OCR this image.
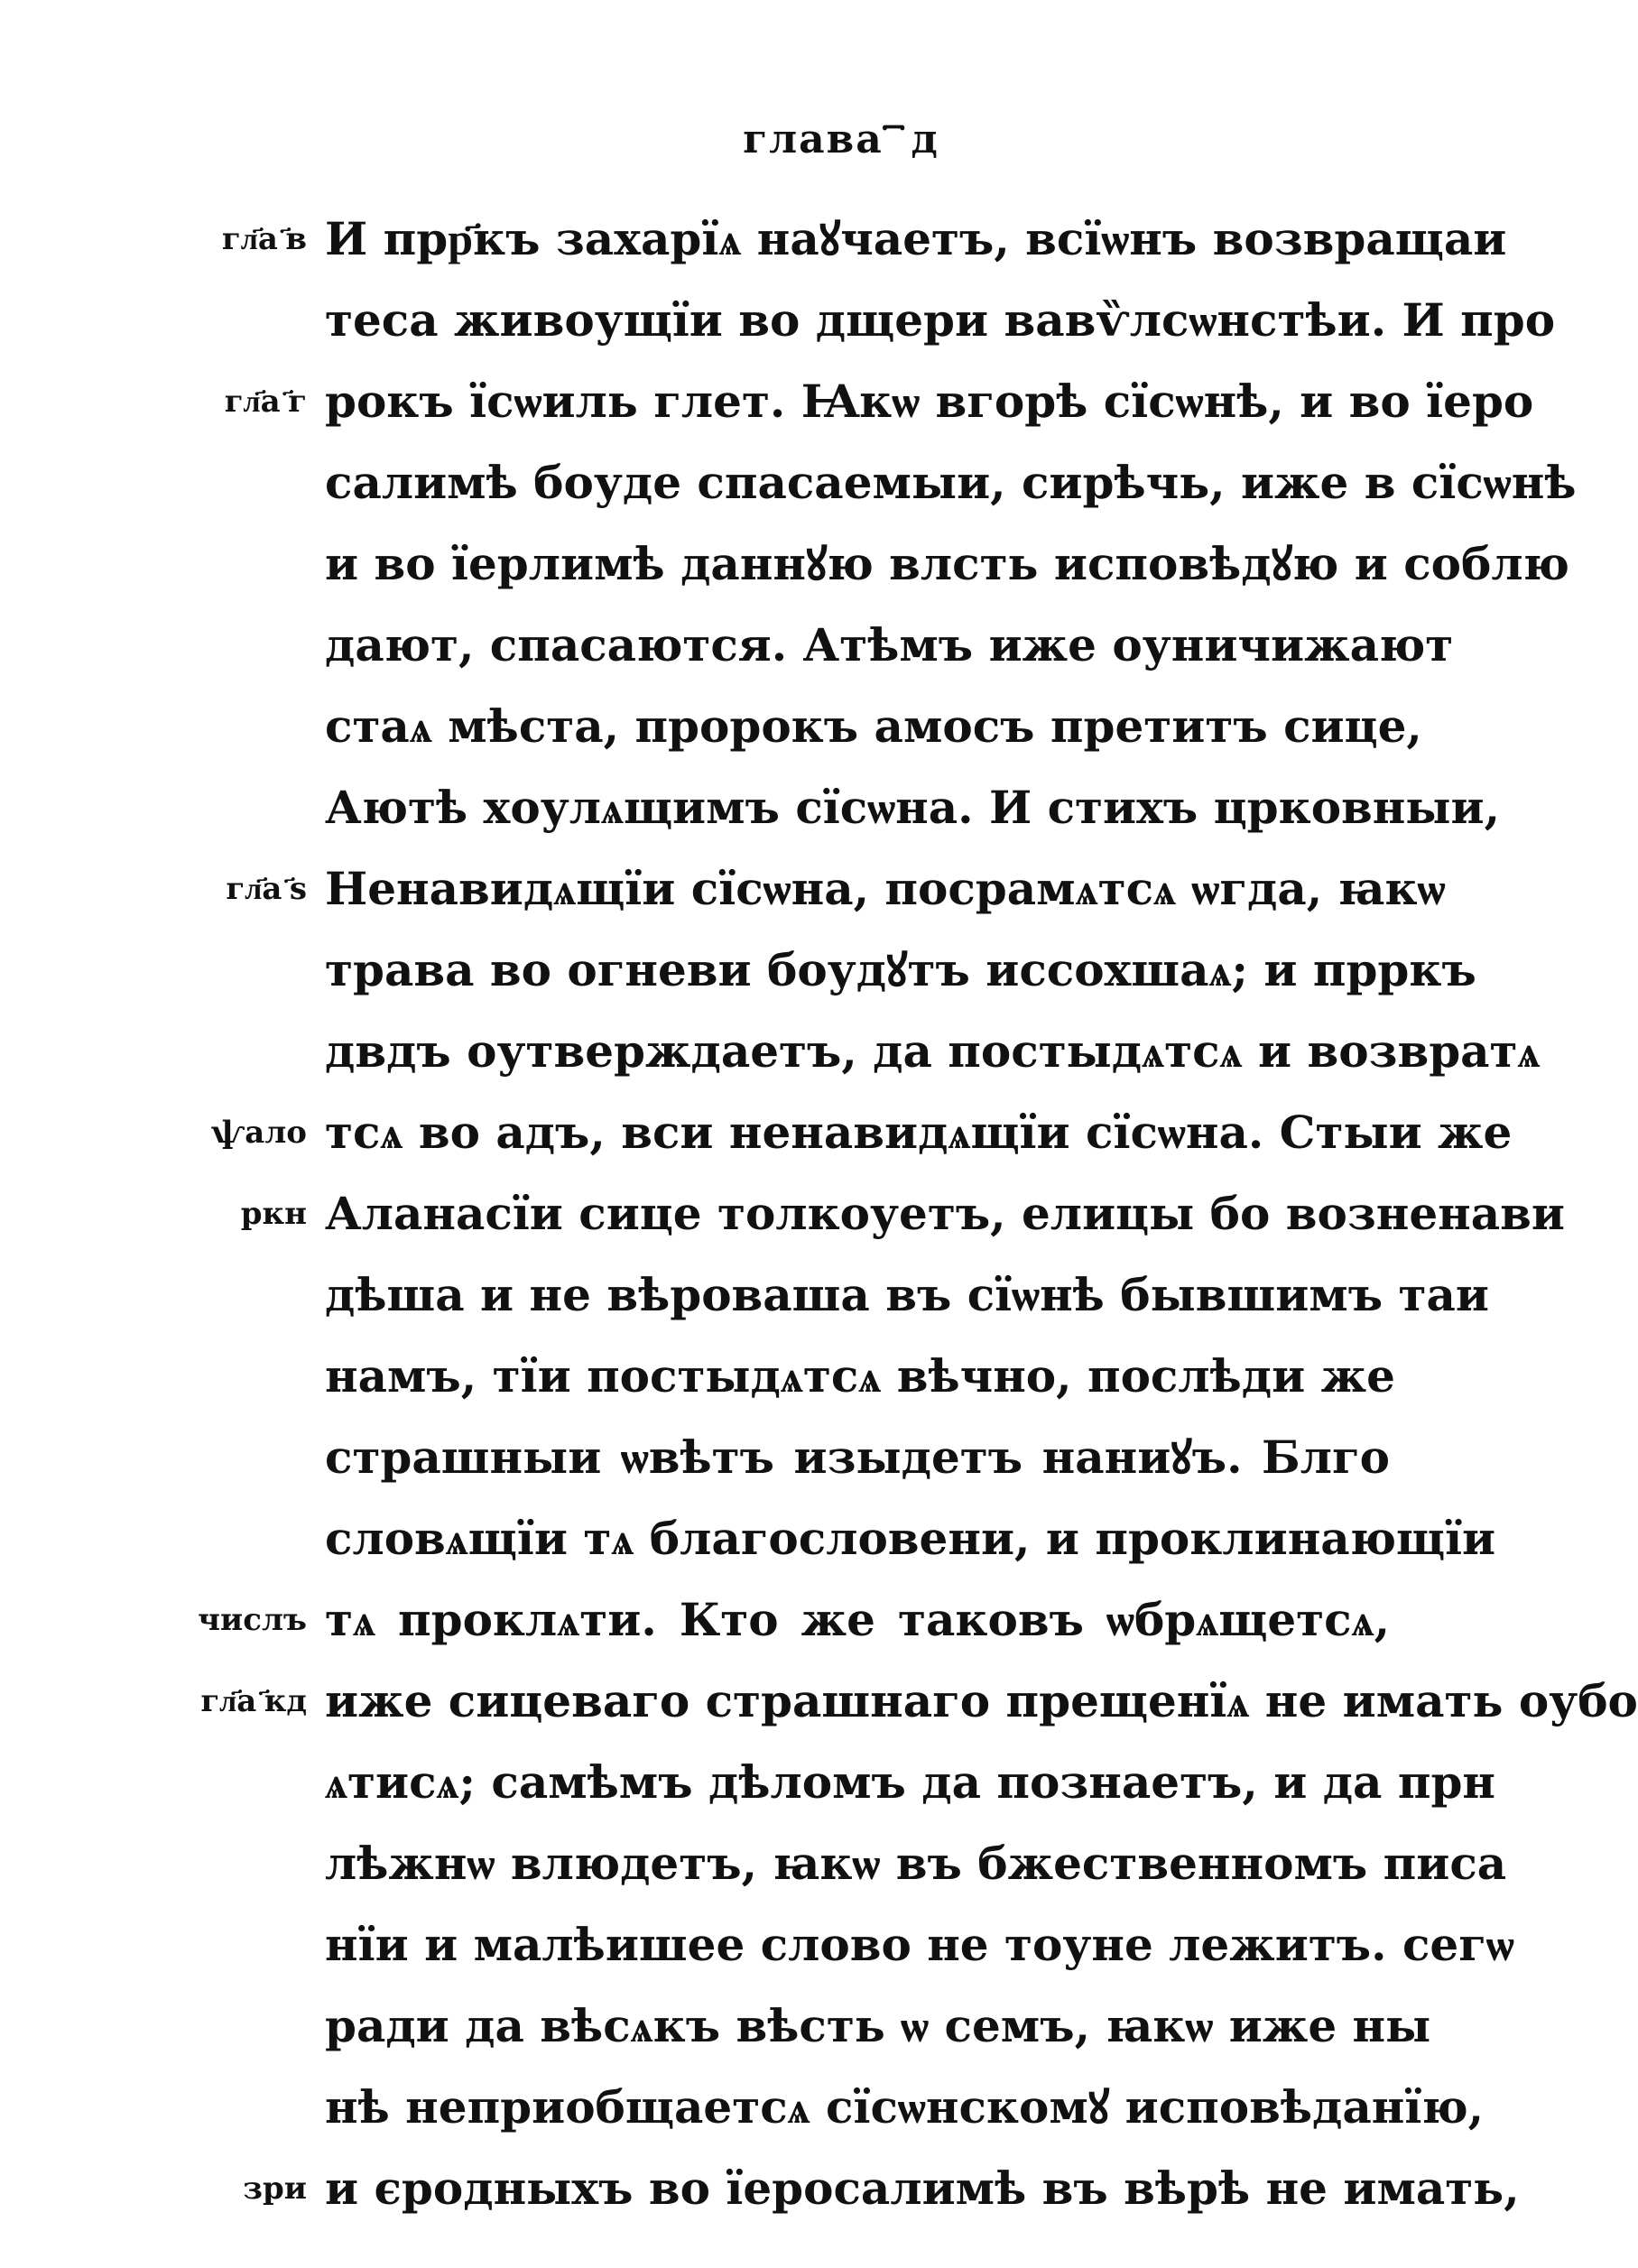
глава ꙯ д
гл҃а ҃в
гл҃а ҃г
гл҃а ҃ѕ
ѱало
ркн
числъ
гл҃а ҃кд
зри
И прр҃къ захарїѧ наꙋчаетъ, всїѡнъ возвращаи
теса живоущїи во дщери вавѷлсѡнстѣи. И про
рокъ їсѡиль глет. Ꙗкѡ вгорѣ сїсѡнѣ, и во їеро
салимѣ боуде спасаемыи, сирѣчь, иже в сїсѡнѣ
и во їерлимѣ даннꙋю влсть исповѣдꙋю и соблю
дают, спасаются. Атѣмъ иже оуничижают
стаѧ мѣста, пророкъ амосъ претитъ сице,
Аютѣ хоулѧщимъ сїсѡна. И стихъ црковныи,
Ненавидѧщїи сїсѡна, посрамѧтсѧ ѡгда, ꙗкѡ
трава во огневи боудꙋтъ иссохшаѧ; и прркъ
двдъ оутверждаетъ, да постыдѧтсѧ и возвратѧ
тсѧ во адъ, вси ненавидѧщїи сїсѡна. Стыи же
Аланасїи сице толкоуетъ, елицы бо возненави
дѣша и не вѣроваша въ сїѡнѣ бывшимъ таи
намъ, тїи постыдѧтсѧ вѣчно, послѣди же
страшныи ѡвѣтъ изыдетъ наниꙋъ. Блго
словѧщїи тѧ благословени, и проклинающїи
тѧ проклѧти. Кто же таковъ ѡбрѧщетсѧ,
иже сицеваго страшнаго прещенїѧ не имать оубо
ѧтисѧ; самѣмъ дѣломъ да познаетъ, и да прн
лѣжнѡ влюдетъ, ꙗкѡ въ бжественномъ писа
нїи и малѣишее слово не тоуне лежитъ. сегѡ
ради да вѣсѧкъ вѣсть ѡ семъ, ꙗкѡ иже ны
нѣ неприобщаетсѧ сїсѡнскомꙋ исповѣданїю,
и єродныхъ во їеросалимѣ въ вѣрѣ не имать,
